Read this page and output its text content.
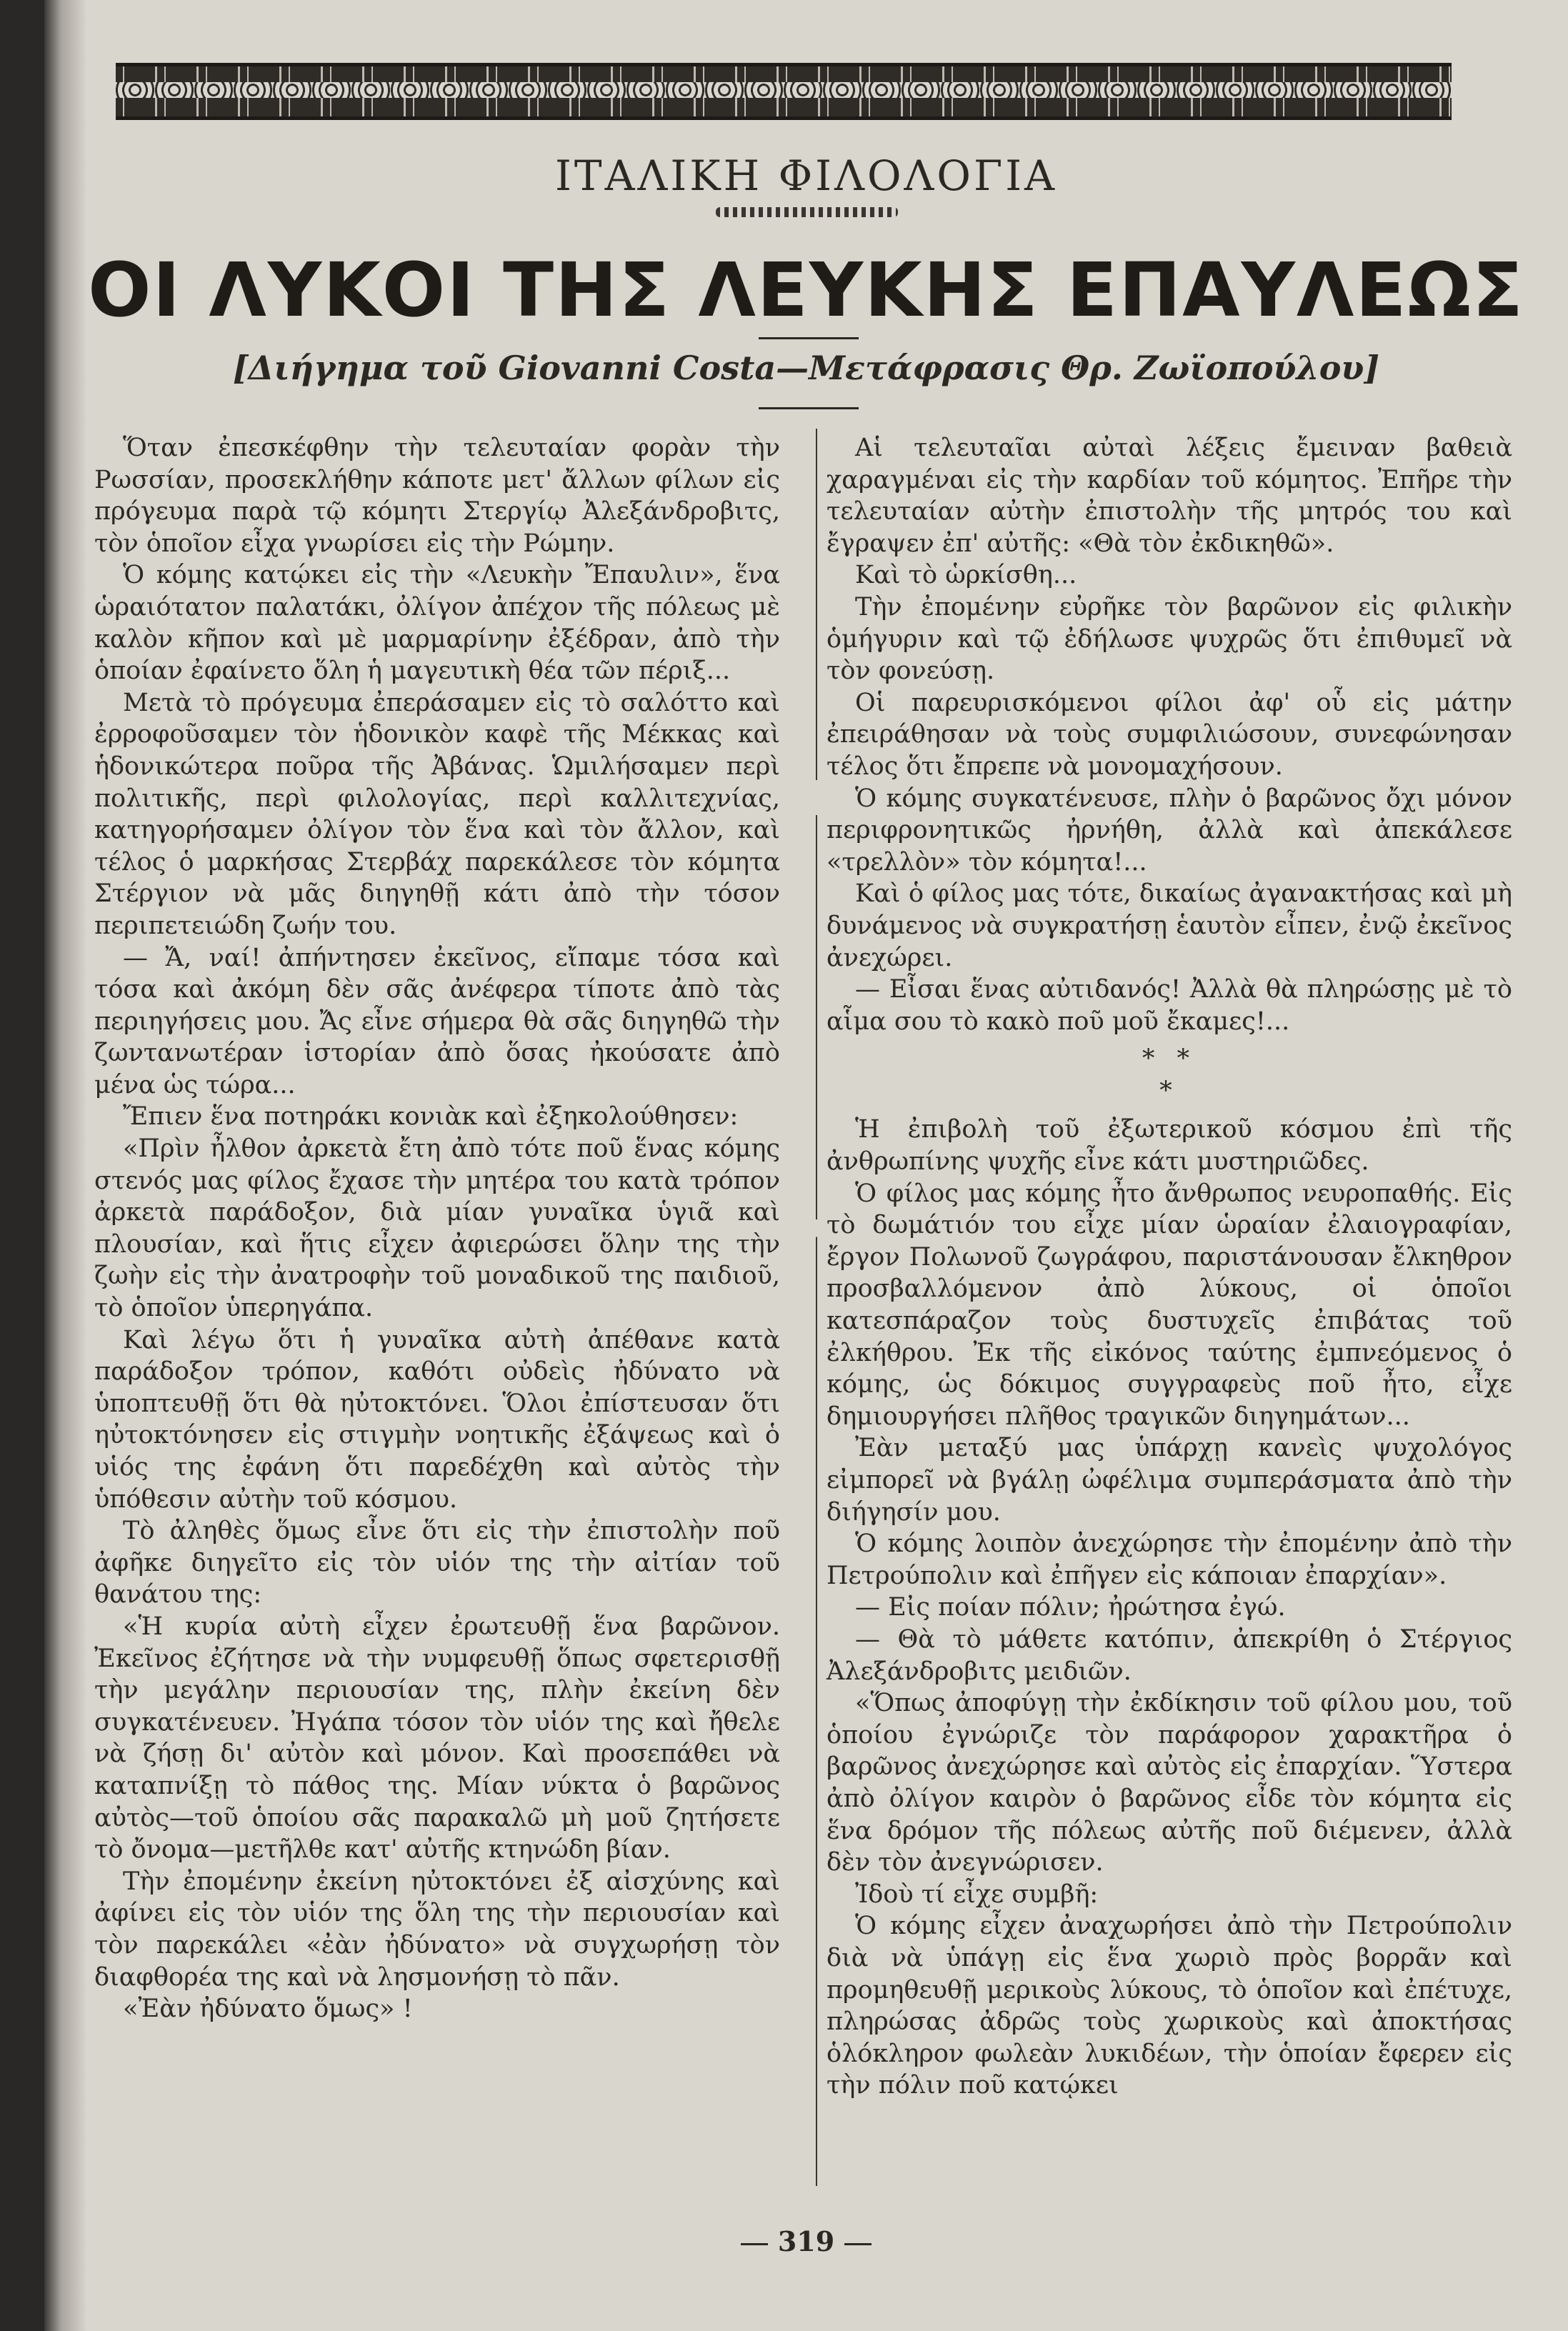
ΙΤΑΛΙΚΗ ΦΙΛΟΛΟΓΙΑ
ΟΙ ΛΥΚΟΙ ΤΗΣ ΛΕΥΚΗΣ ΕΠΑΥΛΕΩΣ
[Διήγημα τοῦ Giovanni Costa—Μετάφρασις Θρ. Ζωϊοπούλου]

Ὅταν ἐπεσκέφθην τὴν τελευταίαν φορὰν τὴν Ρωσσίαν, προσεκλήθην κάποτε μετ' ἄλλων φίλων εἰς πρόγευμα παρὰ τῷ κόμητι Στεργίῳ Ἀλεξάνδροβιτς, τὸν ὁποῖον εἶχα γνωρίσει εἰς τὴν Ρώμην.

Ὁ κόμης κατῴκει εἰς τὴν «Λευκὴν Ἔπαυλιν», ἕνα ὡραιότατον παλατάκι, ὀλίγον ἀπέχον τῆς πόλεως μὲ καλὸν κῆπον καὶ μὲ μαρμαρίνην ἐξέδραν, ἀπὸ τὴν ὁποίαν ἐφαίνετο ὅλη ἡ μαγευτικὴ θέα τῶν πέριξ...

Μετὰ τὸ πρόγευμα ἐπεράσαμεν εἰς τὸ σαλόττο καὶ ἐρροφοῦσαμεν τὸν ἡδονικὸν καφὲ τῆς Μέκκας καὶ ἡδονικώτερα ποῦρα τῆς Ἀβάνας. Ὡμιλήσαμεν περὶ πολιτικῆς, περὶ φιλολογίας, περὶ καλλιτεχνίας, κατηγορήσαμεν ὀλίγον τὸν ἕνα καὶ τὸν ἄλλον, καὶ τέλος ὁ μαρκήσας Στερβάχ παρεκάλεσε τὸν κόμητα Στέργιον νὰ μᾶς διηγηθῇ κάτι ἀπὸ τὴν τόσον περιπετειώδη ζωήν του.

— Ἄ, ναί! ἀπήντησεν ἐκεῖνος, εἴπαμε τόσα καὶ τόσα καὶ ἀκόμη δὲν σᾶς ἀνέφερα τίποτε ἀπὸ τὰς περιηγήσεις μου. Ἄς εἶνε σήμερα θὰ σᾶς διηγηθῶ τὴν ζωντανωτέραν ἱστορίαν ἀπὸ ὅσας ἠκούσατε ἀπὸ μένα ὡς τώρα...

Ἔπιεν ἕνα ποτηράκι κονιὰκ καὶ ἐξηκολούθησεν:

«Πρὶν ἦλθον ἀρκετὰ ἔτη ἀπὸ τότε ποῦ ἕνας κόμης στενός μας φίλος ἔχασε τὴν μητέρα του κατὰ τρόπον ἀρκετὰ παράδοξον, διὰ μίαν γυναῖκα ὑγιᾶ καὶ πλουσίαν, καὶ ἥτις εἶχεν ἀφιερώσει ὅλην της τὴν ζωὴν εἰς τὴν ἀνατροφὴν τοῦ μοναδικοῦ της παιδιοῦ, τὸ ὁποῖον ὑπερηγάπα.

Καὶ λέγω ὅτι ἡ γυναῖκα αὐτὴ ἀπέθανε κατὰ παράδοξον τρόπον, καθότι οὐδεὶς ἠδύνατο νὰ ὑποπτευθῇ ὅτι θὰ ηὐτοκτόνει. Ὅλοι ἐπίστευσαν ὅτι ηὐτοκτόνησεν εἰς στιγμὴν νοητικῆς ἐξάψεως καὶ ὁ υἱός της ἐφάνη ὅτι παρεδέχθη καὶ αὐτὸς τὴν ὑπόθεσιν αὐτὴν τοῦ κόσμου.

Τὸ ἀληθὲς ὅμως εἶνε ὅτι εἰς τὴν ἐπιστολὴν ποῦ ἀφῆκε διηγεῖτο εἰς τὸν υἱόν της τὴν αἰτίαν τοῦ θανάτου της:

«Ἡ κυρία αὐτὴ εἶχεν ἐρωτευθῇ ἕνα βαρῶνον. Ἐκεῖνος ἐζήτησε νὰ τὴν νυμφευθῇ ὅπως σφετερισθῇ τὴν μεγάλην περιουσίαν της, πλὴν ἐκείνη δὲν συγκατένευεν. Ἠγάπα τόσον τὸν υἱόν της καὶ ἤθελε νὰ ζήσῃ δι' αὐτὸν καὶ μόνον. Καὶ προσεπάθει νὰ καταπνίξῃ τὸ πάθος της. Μίαν νύκτα ὁ βαρῶνος αὐτὸς—τοῦ ὁποίου σᾶς παρακαλῶ μὴ μοῦ ζητήσετε τὸ ὄνομα—μετῆλθε κατ' αὐτῆς κτηνώδη βίαν.

Τὴν ἐπομένην ἐκείνη ηὐτοκτόνει ἐξ αἰσχύνης καὶ ἀφίνει εἰς τὸν υἱόν της ὅλη της τὴν περιουσίαν καὶ τὸν παρεκάλει «ἐὰν ἠδύνατο» νὰ συγχωρήσῃ τὸν διαφθορέα της καὶ νὰ λησμονήσῃ τὸ πᾶν.

«Ἐὰν ἠδύνατο ὅμως» !

Αἱ τελευταῖαι αὐταὶ λέξεις ἔμειναν βαθειὰ χαραγμέναι εἰς τὴν καρδίαν τοῦ κόμητος. Ἐπῆρε τὴν τελευταίαν αὐτὴν ἐπιστολὴν τῆς μητρός του καὶ ἔγραψεν ἐπ' αὐτῆς: «Θὰ τὸν ἐκδικηθῶ».

Καὶ τὸ ὡρκίσθη...

Τὴν ἐπομένην εὐρῆκε τὸν βαρῶνον εἰς φιλικὴν ὁμήγυριν καὶ τῷ ἐδήλωσε ψυχρῶς ὅτι ἐπιθυμεῖ νὰ τὸν φονεύσῃ.

Οἱ παρευρισκόμενοι φίλοι ἀφ' οὗ εἰς μάτην ἐπειράθησαν νὰ τοὺς συμφιλιώσουν, συνεφώνησαν τέλος ὅτι ἔπρεπε νὰ μονομαχήσουν.

Ὁ κόμης συγκατένευσε, πλὴν ὁ βαρῶνος ὄχι μόνον περιφρονητικῶς ἠρνήθη, ἀλλὰ καὶ ἀπεκάλεσε «τρελλὸν» τὸν κόμητα!...

Καὶ ὁ φίλος μας τότε, δικαίως ἀγανακτήσας καὶ μὴ δυνάμενος νὰ συγκρατήσῃ ἑαυτὸν εἶπεν, ἐνῷ ἐκεῖνος ἀνεχώρει.

— Εἶσαι ἕνας αὐτιδανός! Ἀλλὰ θὰ πληρώσῃς μὲ τὸ αἷμα σου τὸ κακὸ ποῦ μοῦ ἔκαμες!...

* *
*

Ἡ ἐπιβολὴ τοῦ ἐξωτερικοῦ κόσμου ἐπὶ τῆς ἀνθρωπίνης ψυχῆς εἶνε κάτι μυστηριῶδες.

Ὁ φίλος μας κόμης ἦτο ἄνθρωπος νευροπαθής. Εἰς τὸ δωμάτιόν του εἶχε μίαν ὡραίαν ἐλαιογραφίαν, ἔργον Πολωνοῦ ζωγράφου, παριστάνουσαν ἔλκηθρον προσβαλλόμενον ἀπὸ λύκους, οἱ ὁποῖοι κατεσπάραζον τοὺς δυστυχεῖς ἐπιβάτας τοῦ ἐλκήθρου. Ἐκ τῆς εἰκόνος ταύτης ἐμπνεόμενος ὁ κόμης, ὡς δόκιμος συγγραφεὺς ποῦ ἦτο, εἶχε δημιουργήσει πλῆθος τραγικῶν διηγημάτων...

Ἐὰν μεταξύ μας ὑπάρχῃ κανεὶς ψυχολόγος εἰμπορεῖ νὰ βγάλῃ ὠφέλιμα συμπεράσματα ἀπὸ τὴν διήγησίν μου.

Ὁ κόμης λοιπὸν ἀνεχώρησε τὴν ἐπομένην ἀπὸ τὴν Πετρούπολιν καὶ ἐπῆγεν εἰς κάποιαν ἐπαρχίαν».

— Εἰς ποίαν πόλιν; ἠρώτησα ἐγώ.

— Θὰ τὸ μάθετε κατόπιν, ἀπεκρίθη ὁ Στέργιος Ἀλεξάνδροβιτς μειδιῶν.

«Ὅπως ἀποφύγῃ τὴν ἐκδίκησιν τοῦ φίλου μου, τοῦ ὁποίου ἐγνώριζε τὸν παράφορον χαρακτῆρα ὁ βαρῶνος ἀνεχώρησε καὶ αὐτὸς εἰς ἐπαρχίαν. Ὕστερα ἀπὸ ὀλίγον καιρὸν ὁ βαρῶνος εἶδε τὸν κόμητα εἰς ἕνα δρόμον τῆς πόλεως αὐτῆς ποῦ διέμενεν, ἀλλὰ δὲν τὸν ἀνεγνώρισεν.

Ἰδοὺ τί εἶχε συμβῆ:

Ὁ κόμης εἶχεν ἀναχωρήσει ἀπὸ τὴν Πετρούπολιν διὰ νὰ ὑπάγῃ εἰς ἕνα χωριὸ πρὸς βορρᾶν καὶ προμηθευθῇ μερικοὺς λύκους, τὸ ὁποῖον καὶ ἐπέτυχε, πληρώσας ἀδρῶς τοὺς χωρικοὺς καὶ ἀποκτήσας ὁλόκληρον φωλεὰν λυκιδέων, τὴν ὁποίαν ἔφερεν εἰς τὴν πόλιν ποῦ κατῴκει

319
